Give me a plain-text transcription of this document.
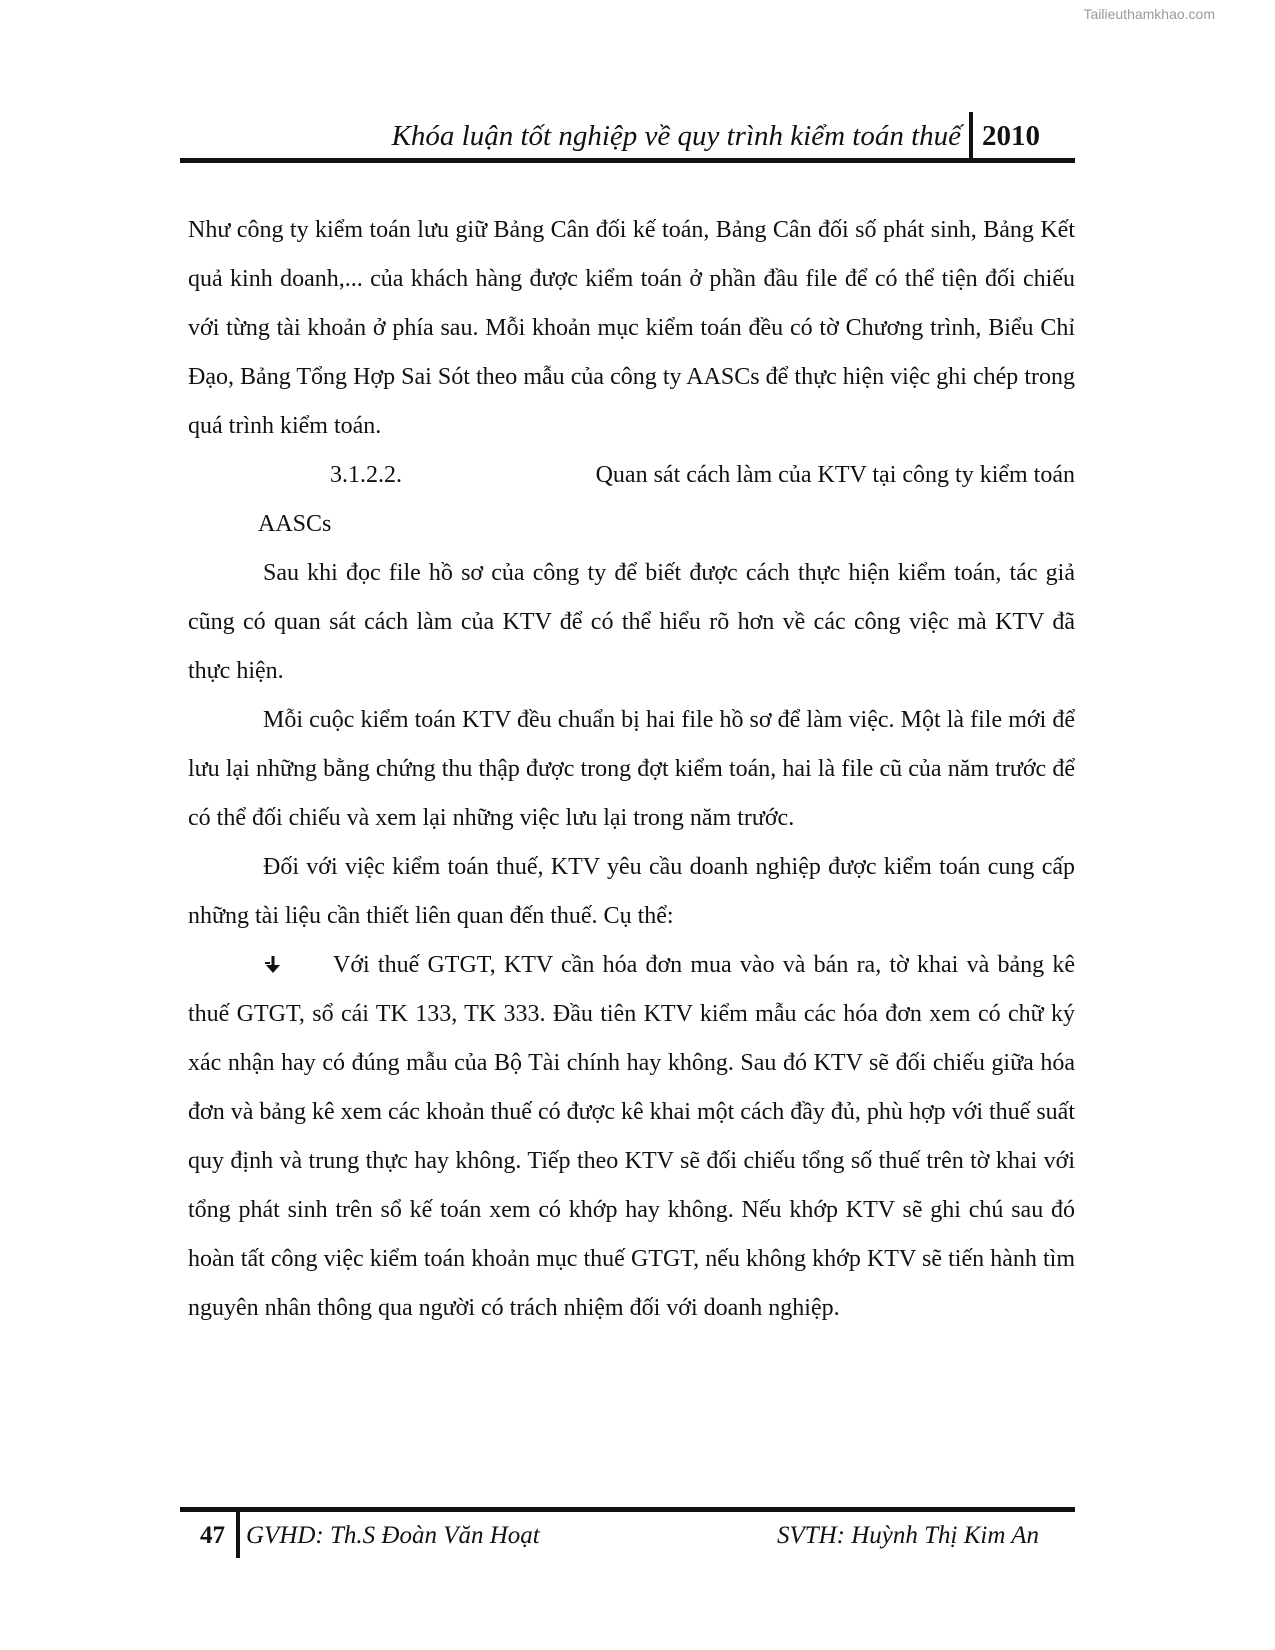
Tailieuthamkhao.com
Khóa luận tốt nghiệp về quy trình kiểm toán thuế 2010

Như công ty kiểm toán lưu giữ Bảng Cân đối kế toán, Bảng Cân đối số phát sinh, Bảng Kết quả kinh doanh,... của khách hàng được kiểm toán ở phần đầu file để có thể tiện đối chiếu với từng tài khoản ở phía sau. Mỗi khoản mục kiểm toán đều có tờ Chương trình, Biểu Chỉ Đạo, Bảng Tổng Hợp Sai Sót theo mẫu của công ty AASCs để thực hiện việc ghi chép trong quá trình kiểm toán.

3.1.2.2.	Quan sát cách làm của KTV tại công ty kiểm toán

AASCs

Sau khi đọc file hồ sơ của công ty để biết được cách thực hiện kiểm toán, tác giả cũng có quan sát cách làm của KTV để có thể hiểu rõ hơn về các công việc mà KTV đã thực hiện.

Mỗi cuộc kiểm toán KTV đều chuẩn bị hai file hồ sơ để làm việc. Một là file mới để lưu lại những bằng chứng thu thập được trong đợt kiểm toán, hai là file cũ của năm trước để có thể đối chiếu và xem lại những việc lưu lại trong năm trước.

Đối với việc kiểm toán thuế, KTV yêu cầu doanh nghiệp được kiểm toán cung cấp những tài liệu cần thiết liên quan đến thuế. Cụ thể:

Với thuế GTGT, KTV cần hóa đơn mua vào và bán ra, tờ khai và bảng kê thuế GTGT, sổ cái TK 133, TK 333. Đầu tiên KTV kiểm mẫu các hóa đơn xem có chữ ký xác nhận hay có đúng mẫu của Bộ Tài chính hay không. Sau đó KTV sẽ đối chiếu giữa hóa đơn và bảng kê xem các khoản thuế có được kê khai một cách đầy đủ, phù hợp với thuế suất quy định và trung thực hay không. Tiếp theo KTV sẽ đối chiếu tổng số thuế trên tờ khai với tổng phát sinh trên sổ kế toán xem có khớp hay không. Nếu khớp KTV sẽ ghi chú sau đó hoàn tất công việc kiểm toán khoản mục thuế GTGT, nếu không khớp KTV sẽ tiến hành tìm nguyên nhân thông qua người có trách nhiệm đối với doanh nghiệp.

47 GVHD: Th.S Đoàn Văn Hoạt	SVTH: Huỳnh Thị Kim An
